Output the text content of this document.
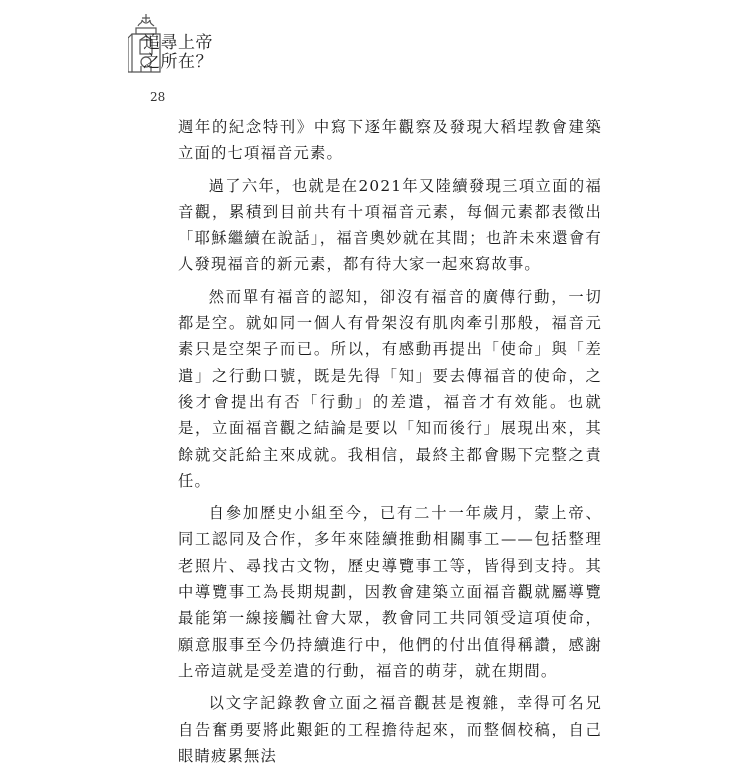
追尋上帝
之所在？
28

週年的紀念特刊》中寫下逐年觀察及發現大稻埕教會建築立面的七項福音元素。

過了六年，也就是在2021年又陸續發現三項立面的福音觀，累積到目前共有十項福音元素，每個元素都表徵出「耶穌繼續在說話」，福音奧妙就在其間；也許未來還會有人發現福音的新元素，都有待大家一起來寫故事。

然而單有福音的認知，卻沒有福音的廣傳行動，一切都是空。就如同一個人有骨架沒有肌肉牽引那般，福音元素只是空架子而已。所以，有感動再提出「使命」與「差遣」之行動口號，既是先得「知」要去傳福音的使命，之後才會提出有否「行動」的差遣，福音才有效能。也就是，立面福音觀之結論是要以「知而後行」展現出來，其餘就交託給主來成就。我相信，最終主都會賜下完整之責任。

自參加歷史小組至今，已有二十一年歲月，蒙上帝、同工認同及合作，多年來陸續推動相關事工——包括整理老照片、尋找古文物，歷史導覽事工等，皆得到支持。其中導覽事工為長期規劃，因教會建築立面福音觀就屬導覽最能第一線接觸社會大眾，教會同工共同領受這項使命，願意服事至今仍持續進行中，他們的付出值得稱讚，感謝上帝這就是受差遣的行動，福音的萌芽，就在期間。

以文字記錄教會立面之福音觀甚是複雜，幸得可名兄自告奮勇要將此艱鉅的工程擔待起來，而整個校稿，自己眼睛疲累無法
